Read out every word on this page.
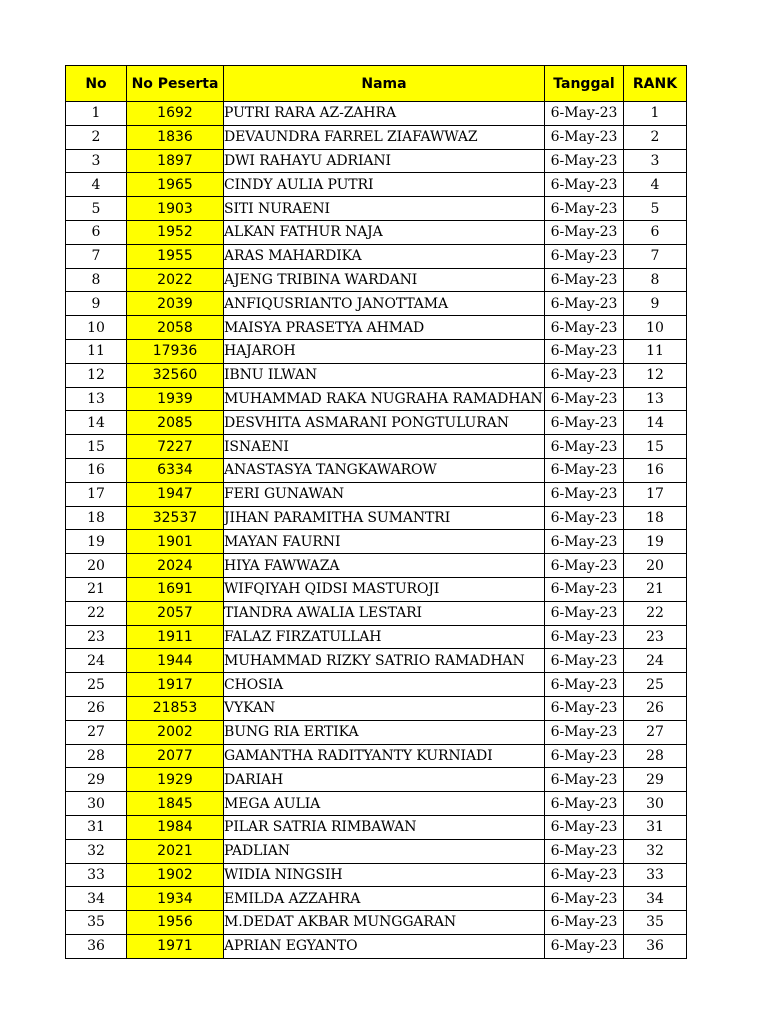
No	No Peserta	Nama	Tanggal	RANK
1	1692	PUTRI RARA AZ-ZAHRA	6-May-23	1
2	1836	DEVAUNDRA FARREL ZIAFAWWAZ	6-May-23	2
3	1897	DWI RAHAYU ADRIANI	6-May-23	3
4	1965	CINDY AULIA PUTRI	6-May-23	4
5	1903	SITI NURAENI	6-May-23	5
6	1952	ALKAN FATHUR NAJA	6-May-23	6
7	1955	ARAS MAHARDIKA	6-May-23	7
8	2022	AJENG TRIBINA WARDANI	6-May-23	8
9	2039	ANFIQUSRIANTO JANOTTAMA	6-May-23	9
10	2058	MAISYA PRASETYA AHMAD	6-May-23	10
11	17936	HAJAROH	6-May-23	11
12	32560	IBNU ILWAN	6-May-23	12
13	1939	MUHAMMAD RAKA NUGRAHA RAMADHAN	6-May-23	13
14	2085	DESVHITA ASMARANI PONGTULURAN	6-May-23	14
15	7227	ISNAENI	6-May-23	15
16	6334	ANASTASYA TANGKAWAROW	6-May-23	16
17	1947	FERI GUNAWAN	6-May-23	17
18	32537	JIHAN PARAMITHA SUMANTRI	6-May-23	18
19	1901	MAYAN FAURNI	6-May-23	19
20	2024	HIYA FAWWAZA	6-May-23	20
21	1691	WIFQIYAH QIDSI MASTUROJI	6-May-23	21
22	2057	TIANDRA AWALIA LESTARI	6-May-23	22
23	1911	FALAZ FIRZATULLAH	6-May-23	23
24	1944	MUHAMMAD RIZKY SATRIO RAMADHAN	6-May-23	24
25	1917	CHOSIA	6-May-23	25
26	21853	VYKAN	6-May-23	26
27	2002	BUNG RIA ERTIKA	6-May-23	27
28	2077	GAMANTHA RADITYANTY KURNIADI	6-May-23	28
29	1929	DARIAH	6-May-23	29
30	1845	MEGA AULIA	6-May-23	30
31	1984	PILAR SATRIA RIMBAWAN	6-May-23	31
32	2021	PADLIAN	6-May-23	32
33	1902	WIDIA NINGSIH	6-May-23	33
34	1934	EMILDA AZZAHRA	6-May-23	34
35	1956	M.DEDAT AKBAR MUNGGARAN	6-May-23	35
36	1971	APRIAN EGYANTO	6-May-23	36
